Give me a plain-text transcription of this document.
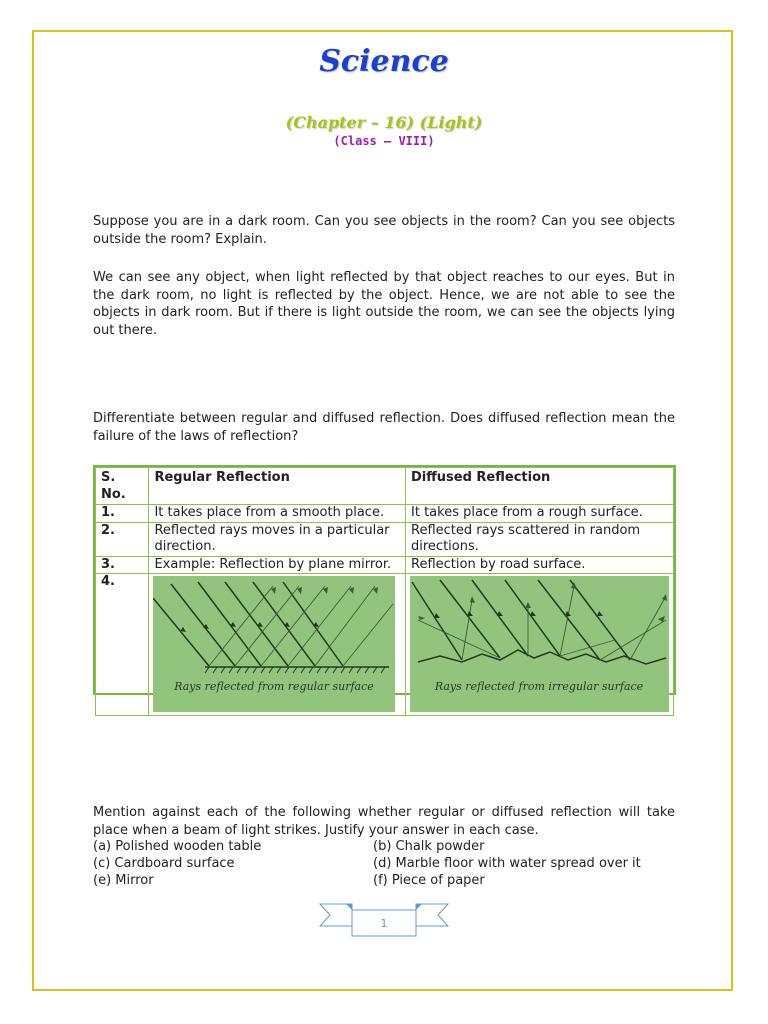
Science
(Chapter – 16) (Light)
(Class – VIII)

Suppose you are in a dark room. Can you see objects in the room? Can you see objects outside the room? Explain.

We can see any object, when light reflected by that object reaches to our eyes. But in the dark room, no light is reflected by the object. Hence, we are not able to see the objects in dark room. But if there is light outside the room, we can see the objects lying out there.

Differentiate between regular and diffused reflection. Does diffused reflection mean the failure of the laws of reflection?

S. No.	Regular Reflection	Diffused Reflection
1.	It takes place from a smooth place.	It takes place from a rough surface.
2.	Reflected rays moves in a particular direction.	Reflected rays scattered in random directions.
3.	Example: Reflection by plane mirror.	Reflection by road surface.
4.	Rays reflected from regular surface	Rays reflected from irregular surface

Mention against each of the following whether regular or diffused reflection will take place when a beam of light strikes. Justify your answer in each case.

(a) Polished wooden table	(b) Chalk powder
(c) Cardboard surface	(d) Marble floor with water spread over it
(e) Mirror	(f) Piece of paper
1
